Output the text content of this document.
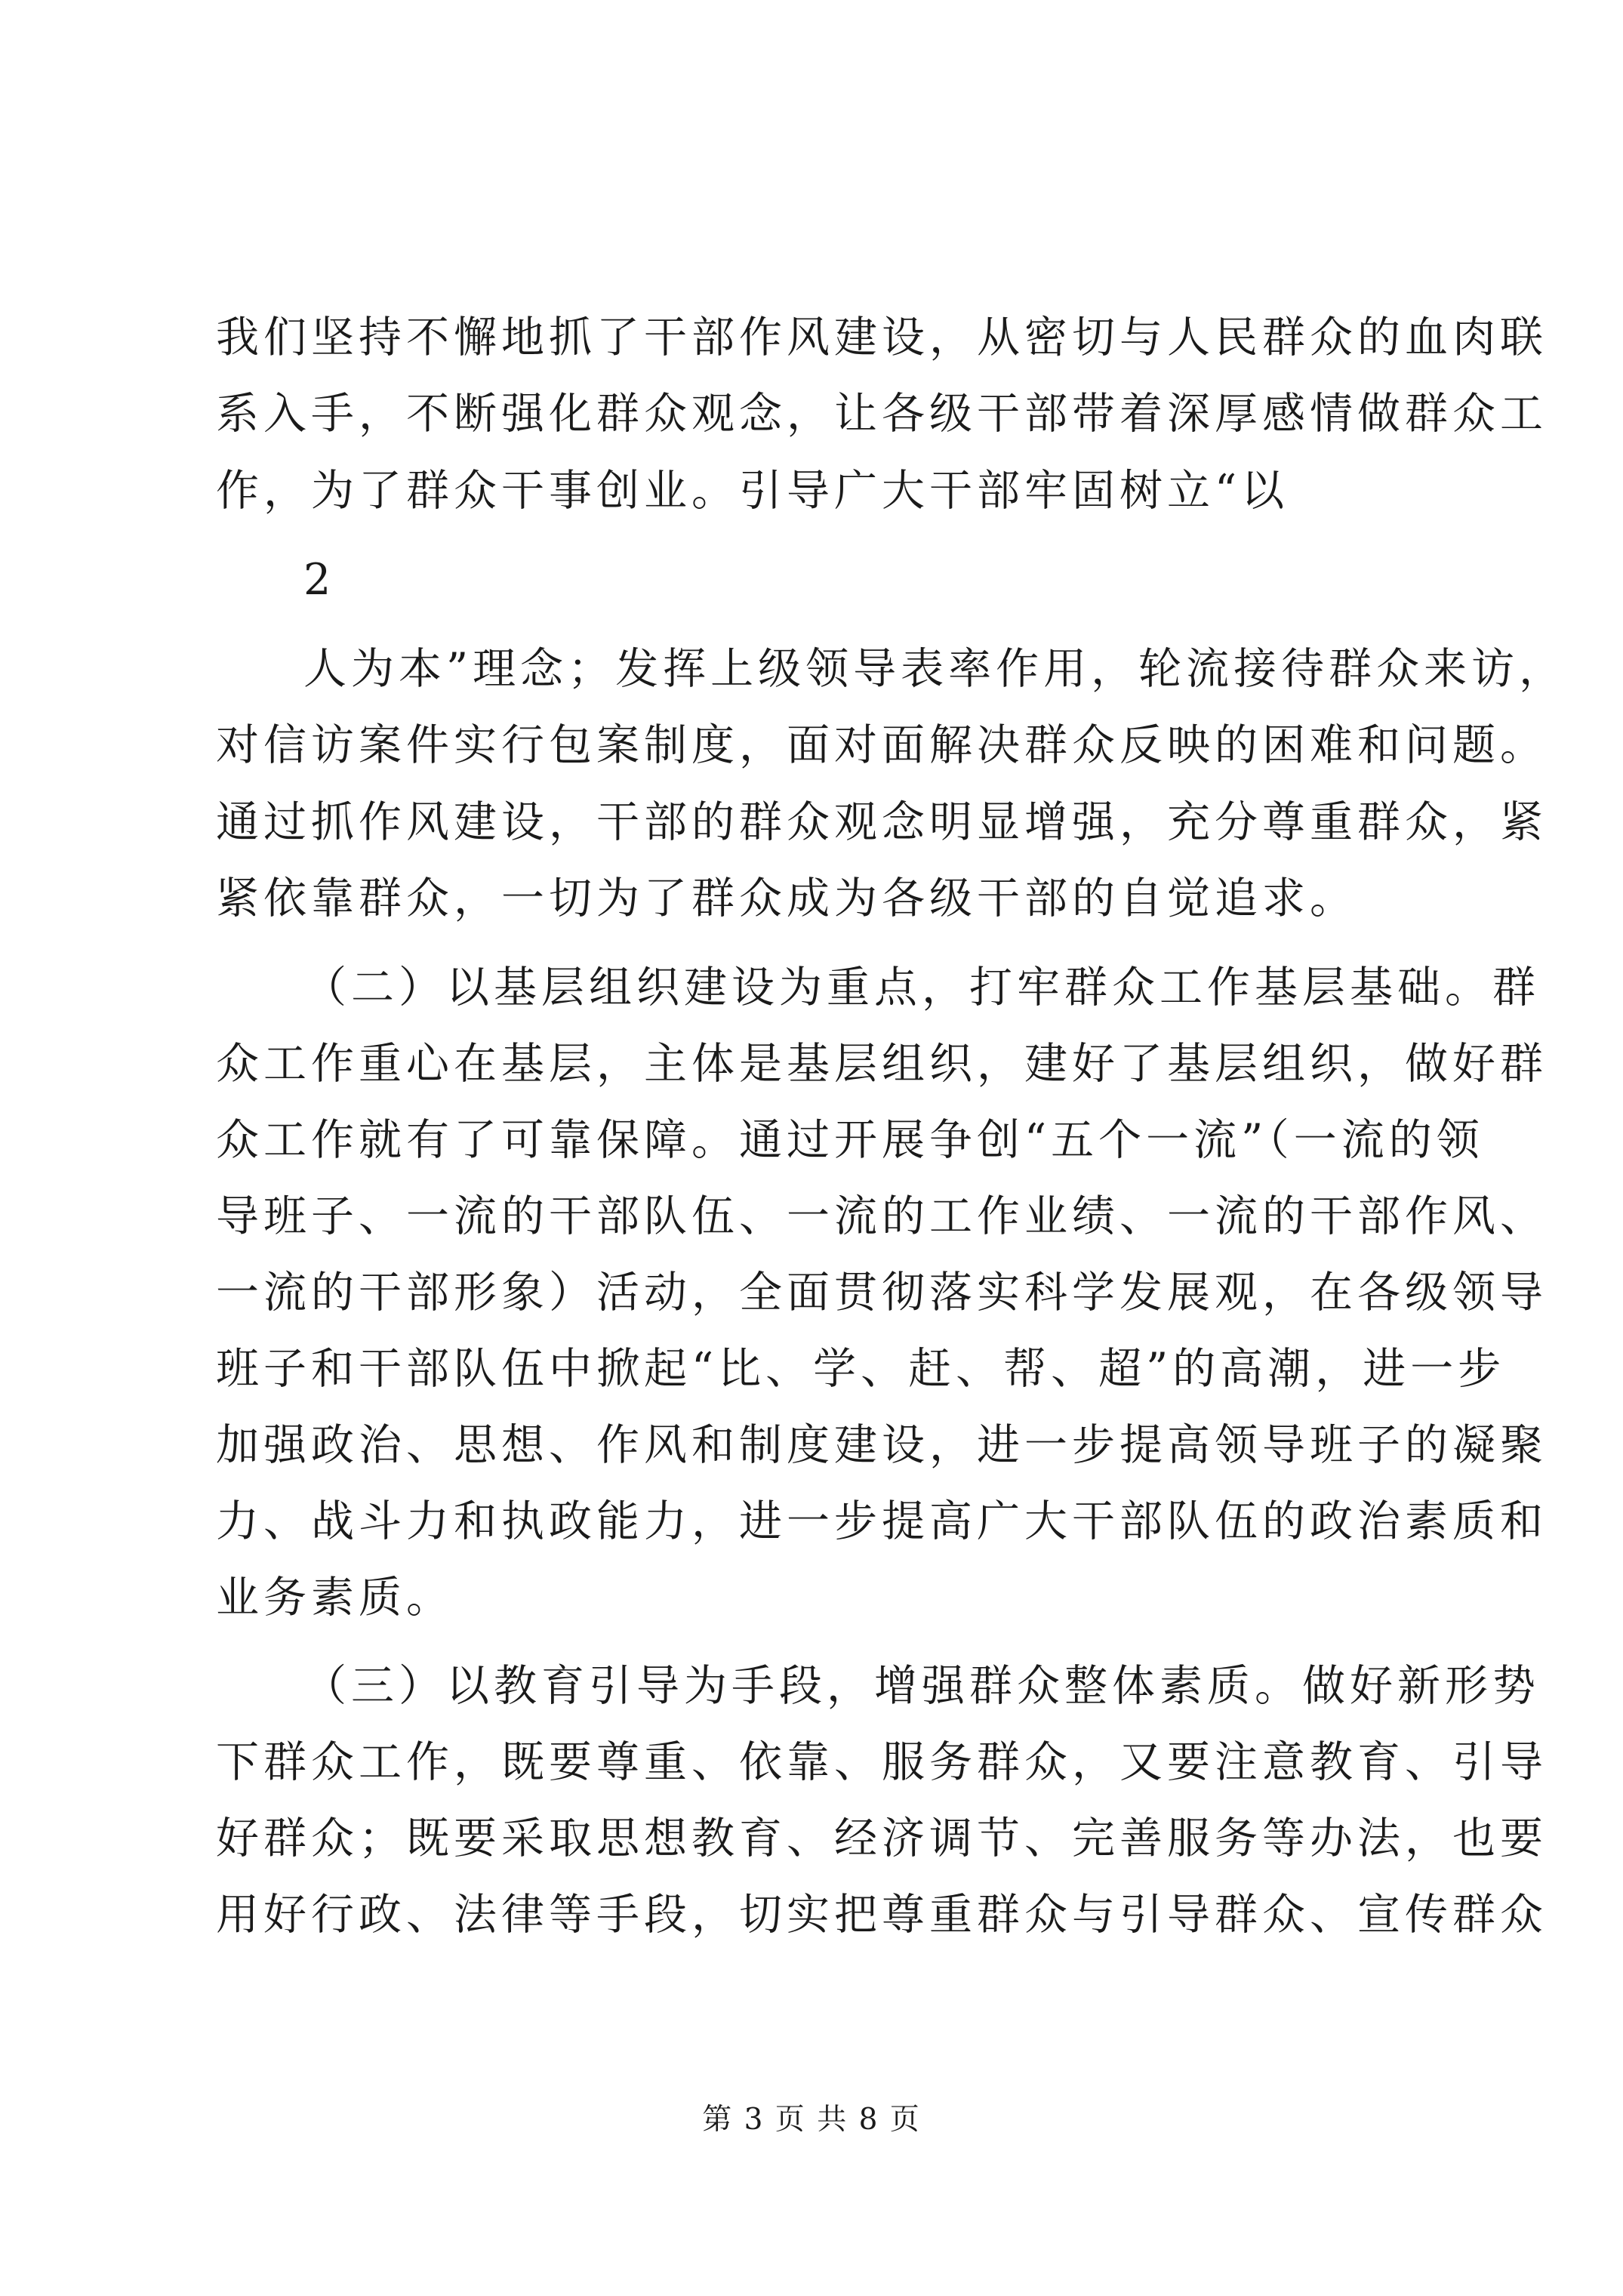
我们坚持不懈地抓了干部作风建设，从密切与人民群众的血肉联

系入手，不断强化群众观念，让各级干部带着深厚感情做群众工

作，为了群众干事创业。引导广大干部牢固树立“以

2

人为本”理念；发挥上级领导表率作用，轮流接待群众来访，

对信访案件实行包案制度，面对面解决群众反映的困难和问题。

通过抓作风建设，干部的群众观念明显增强，充分尊重群众，紧

紧依靠群众，一切为了群众成为各级干部的自觉追求。

（二）以基层组织建设为重点，打牢群众工作基层基础。群

众工作重心在基层，主体是基层组织，建好了基层组织，做好群

众工作就有了可靠保障。通过开展争创“五个一流”（一流的领

导班子、一流的干部队伍、一流的工作业绩、一流的干部作风、

一流的干部形象）活动，全面贯彻落实科学发展观，在各级领导

班子和干部队伍中掀起“比、学、赶、帮、超”的高潮，进一步

加强政治、思想、作风和制度建设，进一步提高领导班子的凝聚

力、战斗力和执政能力，进一步提高广大干部队伍的政治素质和

业务素质。

（三）以教育引导为手段，增强群众整体素质。做好新形势

下群众工作，既要尊重、依靠、服务群众，又要注意教育、引导

好群众；既要采取思想教育、经济调节、完善服务等办法，也要

用好行政、法律等手段，切实把尊重群众与引导群众、宣传群众

第 3 页 共 8 页
